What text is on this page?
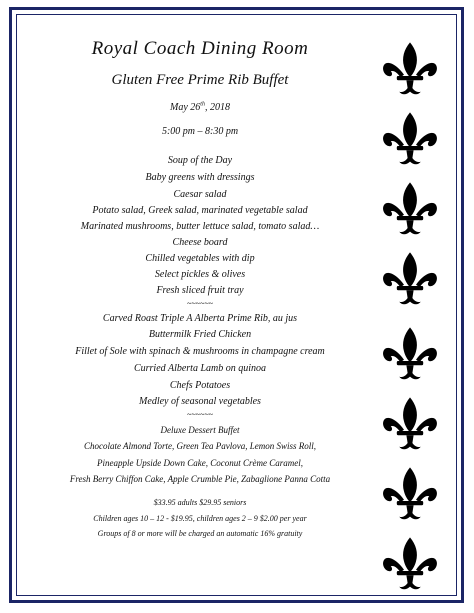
Royal Coach Dining Room
Gluten Free Prime Rib Buffet
May 26th, 2018
5:00 pm – 8:30 pm
Soup of the Day
Baby greens with dressings
Caesar salad
Potato salad, Greek salad, marinated vegetable salad
Marinated mushrooms, butter lettuce salad, tomato salad…
Cheese board
Chilled vegetables with dip
Select pickles & olives
Fresh sliced fruit tray
~~~~~~
Carved Roast Triple A Alberta Prime Rib, au jus
Buttermilk Fried Chicken
Fillet of Sole with spinach & mushrooms in champagne cream
Curried Alberta Lamb on quinoa
Chefs Potatoes
Medley of seasonal vegetables
~~~~~~
Deluxe Dessert Buffet
Chocolate Almond Torte, Green Tea Pavlova, Lemon Swiss Roll,
Pineapple Upside Down Cake, Coconut Crème Caramel,
Fresh Berry Chiffon Cake, Apple Crumble Pie, Zabaglione Panna Cotta
$33.95 adults $29.95 seniors
Children ages 10 – 12 - $19.95, children ages 2 – 9 $2.00 per year
Groups of 8 or more will be charged an automatic 16% gratuity
